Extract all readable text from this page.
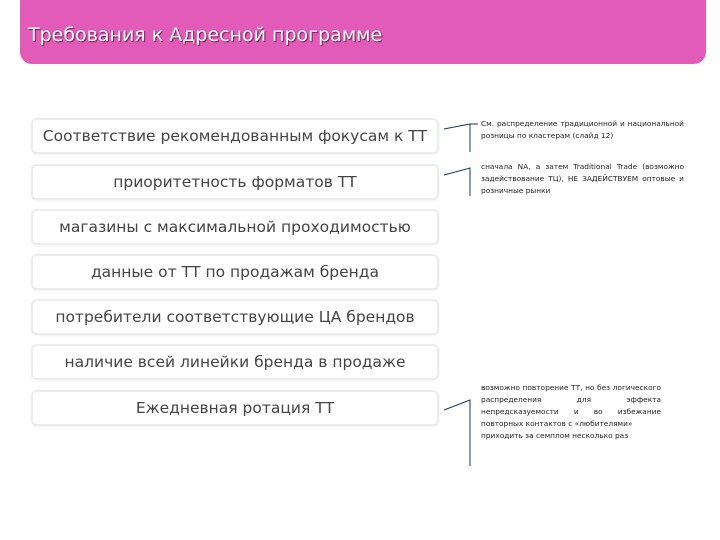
Требования к Адресной программе
Соответствие рекомендованным фокусам к ТТ
приоритетность форматов ТТ
магазины с максимальной проходимостью
данные от ТТ по продажам бренда
потребители соответствующие ЦА брендов
наличие всей линейки бренда в продаже
Ежедневная ротация ТТ
См. распределение традиционной и национальной розницы по кластерам (слайд 12)
сначала NA, а затем Traditional Trade (возможно задействование ТЦ), НЕ ЗАДЕЙСТВУЕМ оптовые и розничные рынки
возможно повторение ТТ, но без логического распределения для эффекта непредсказуемости и во избежание повторных контактов с «любителями»
приходить за семплом несколько раз
